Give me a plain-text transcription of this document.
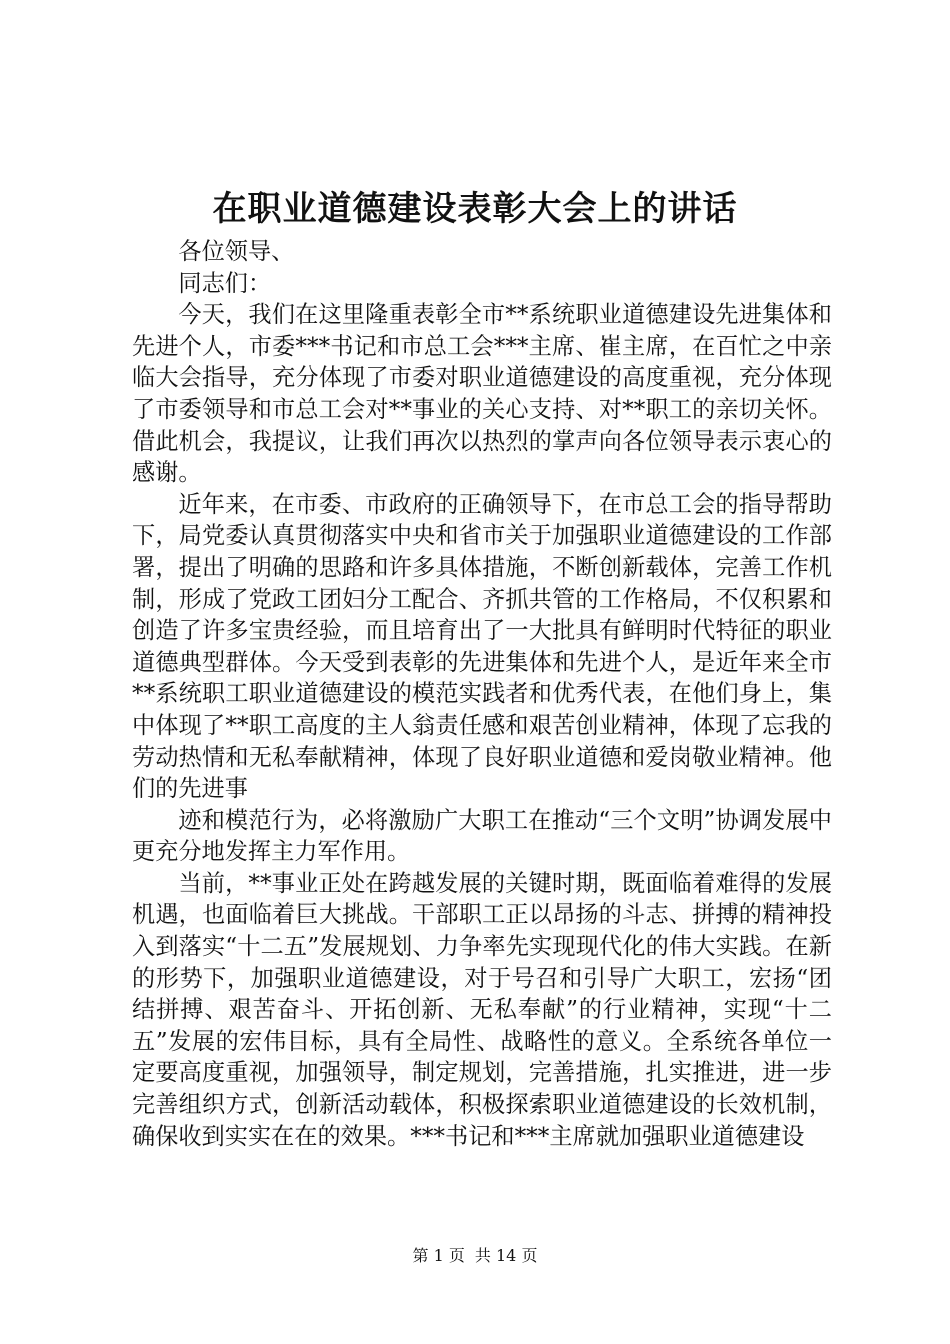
在职业道德建设表彰大会上的讲话

各位领导、

同志们：

今天，我们在这里隆重表彰全市**系统职业道德建设先进集体和先进个人，市委***书记和市总工会***主席、崔主席，在百忙之中亲临大会指导，充分体现了市委对职业道德建设的高度重视，充分体现了市委领导和市总工会对**事业的关心支持、对**职工的亲切关怀。借此机会，我提议，让我们再次以热烈的掌声向各位领导表示衷心的感谢。

近年来，在市委、市政府的正确领导下，在市总工会的指导帮助下，局党委认真贯彻落实中央和省市关于加强职业道德建设的工作部署，提出了明确的思路和许多具体措施，不断创新载体，完善工作机制，形成了党政工团妇分工配合、齐抓共管的工作格局，不仅积累和创造了许多宝贵经验，而且培育出了一大批具有鲜明时代特征的职业道德典型群体。今天受到表彰的先进集体和先进个人，是近年来全市**系统职工职业道德建设的模范实践者和优秀代表，在他们身上，集中体现了**职工高度的主人翁责任感和艰苦创业精神，体现了忘我的劳动热情和无私奉献精神，体现了良好职业道德和爱岗敬业精神。他们的先进事

迹和模范行为，必将激励广大职工在推动“三个文明”协调发展中更充分地发挥主力军作用。

当前，**事业正处在跨越发展的关键时期，既面临着难得的发展机遇，也面临着巨大挑战。干部职工正以昂扬的斗志、拼搏的精神投入到落实“十二五”发展规划、力争率先实现现代化的伟大实践。在新的形势下，加强职业道德建设，对于号召和引导广大职工，宏扬“团结拼搏、艰苦奋斗、开拓创新、无私奉献”的行业精神，实现“十二五”发展的宏伟目标，具有全局性、战略性的意义。全系统各单位一定要高度重视，加强领导，制定规划，完善措施，扎实推进，进一步完善组织方式，创新活动载体，积极探索职业道德建设的长效机制，确保收到实实在在的效果。***书记和***主席就加强职业道德建设

第 1 页 共 14 页
